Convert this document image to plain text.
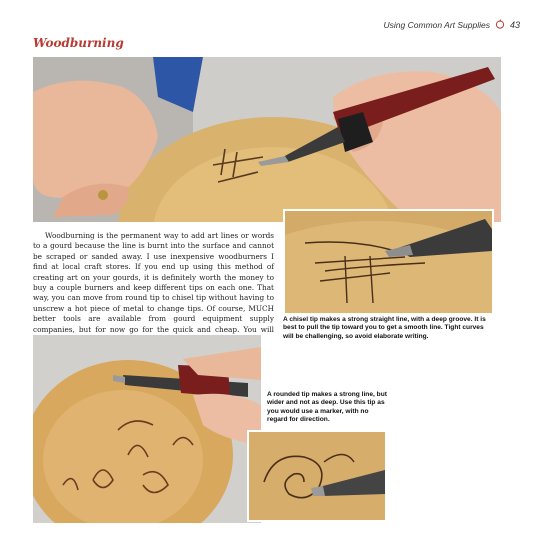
Using Common Art Supplies 43
Woodburning

Woodburning is the permanent way to add art lines or words to a gourd because the line is burnt into the surface and cannot be scraped or sanded away. I use inexpensive woodburners I find at local craft stores. If you end up using this method of creating art on your gourds, it is definitely worth the money to buy a couple burners and keep different tips on each one. That way, you can move from round tip to chisel tip without having to unscrew a hot piece of metal to change tips. Of course, MUCH better tools are available from gourd equipment supply companies, but for now go for the quick and cheap. You will

A chisel tip makes a strong straight line, with a deep groove. It is best to pull the tip toward you to get a smooth line. Tight curves will be challenging, so avoid elaborate writing.

A rounded tip makes a strong line, but wider and not as deep. Use this tip as you would use a marker, with no regard for direction.
